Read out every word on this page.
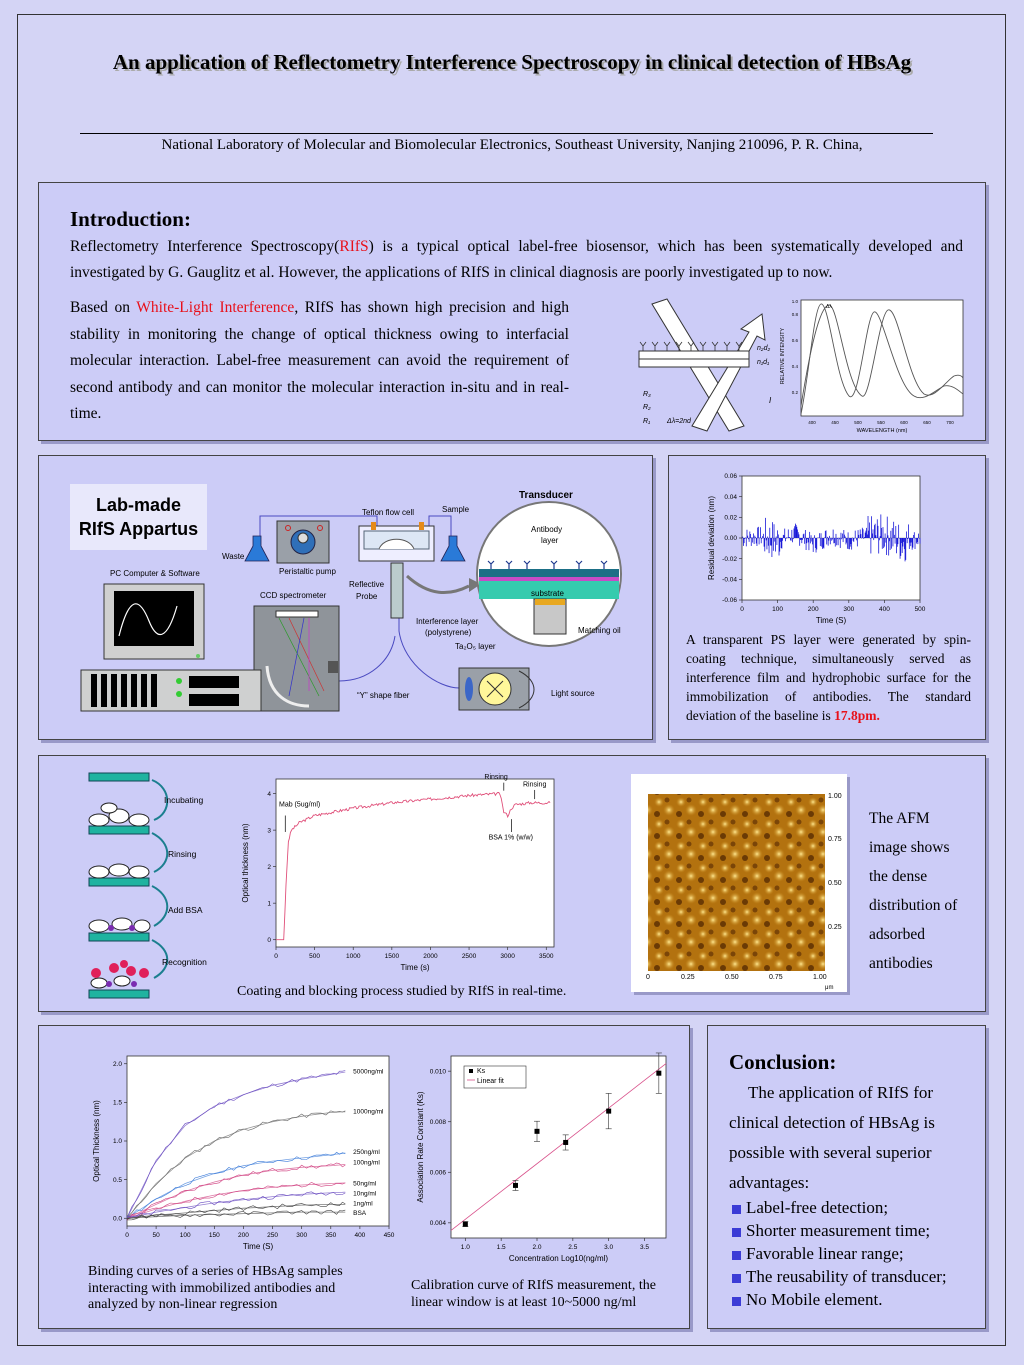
An application of Reflectometry Interference Spectroscopy in clinical detection of HBsAg
National Laboratory of Molecular and Biomolecular Electronics, Southeast University, Nanjing 210096, P. R. China,
Introduction:
Reflectometry Interference Spectroscopy(RIfS) is a typical optical label-free biosensor, which has been systematically developed and investigated by G. Gauglitz et al. However, the applications of RIfS in clinical diagnosis are poorly investigated up to now.
Based on White-Light Interference, RIfS has shown high precision and high stability in monitoring the change of optical thickness owing to interfacial molecular interaction. Label-free measurement can avoid the requirement of second antibody and can monitor the molecular interaction in-situ and in real-time.
n₂d₂
n₁d₁
R₃
R₂
R₁
I
Δλ=2nd
Δλ
RELATIVE INTENSITY
WAVELENGTH (nm)
400	450	500	550	600	650	700
0.2
0.4
0.6
0.8
1.0
Lab-made
RIfS Appartus
Teflon flow cell	Sample
Waste
Peristaltic pump
PC Computer & Software
CCD spectrometer
Reflective
Probe
“Y” shape fiber	Light source
Transducer
Antibody
layer
substrate
Interference layer
(polystyrene)
Ta₂O₅ layer
Matching oil
0	100	200	300	400	500
0.06
0.04
0.02
0.00
-0.02
-0.04
-0.06
Time (S)
Residual deviation (nm)
A transparent PS layer were generated by spin-coating technique, simultaneously served as interference film and hydrophobic surface for the immobilization of antibodies. The standard deviation of the baseline is 17.8pm.
Incubating
Rinsing
Add BSA
Recognition
0	500	1000	1500	2000	2500	3000	3500
0
1
2
3
4
Time (s)
Optical thickness (nm)
Mab (5ug/ml)
Rinsing
Rinsing
BSA 1% (w/w)
Coating and blocking process studied by RIfS in real-time.
1.00
0.75
0.50
0.25
0	0.25	0.50	0.75	1.00
μm
The AFM image shows the dense distribution of adsorbed antibodies
0	50	100	150	200	250	300	350	400	450
0.0
0.5
1.0
1.5
2.0
Time (S)
Optical Thickness (nm)
5000ng/ml
1000ng/ml
250ng/ml
100ng/ml
50ng/ml
10ng/ml
1ng/ml
BSA
Binding curves of a series of HBsAg samples interacting with immobilized antibodies and analyzed by non-linear regression
1.0	1.5	2.0	2.5	3.0	3.5
0.004
0.006
0.008
0.010
Concentration Log10(ng/ml)
Association Rate Constant (Ks)
Ks
Linear fit
Calibration curve of RIfS measurement, the linear window is at least 10~5000 ng/ml
Conclusion:
The application of RIfS for clinical detection of HBsAg is possible with several superior advantages:
Label-free detection;
Shorter measurement time;
Favorable linear range;
The reusability of transducer;
No Mobile element.
